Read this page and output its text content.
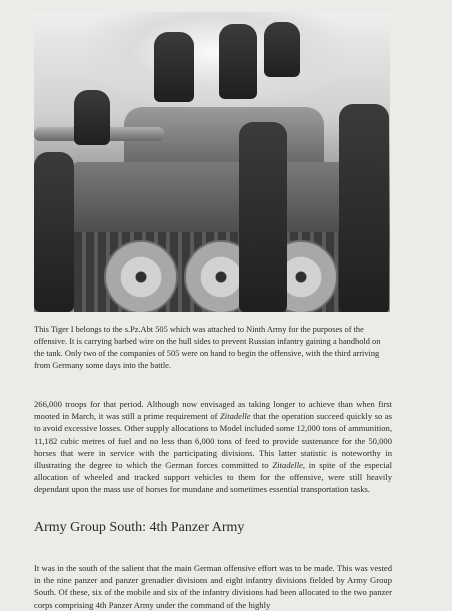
This Tiger I belongs to the s.Pz.Abt 505 which was attached to Ninth Army for the purposes of the offensive. It is carrying barbed wire on the hull sides to prevent Russian infantry gaining a handhold on the tank. Only two of the companies of 505 were on hand to begin the offensive, with the third arriving from Germany some days into the battle.

266,000 troops for that period. Although now envisaged as taking longer to achieve than when first mooted in March, it was still a prime requirement of Zitadelle that the operation succeed quickly so as to avoid excessive losses. Other supply allocations to Model included some 12,000 tons of ammunition, 11,182 cubic metres of fuel and no less than 6,000 tons of feed to provide sustenance for the 50,000 horses that were in service with the participating divisions. This latter statistic is noteworthy in illustrating the degree to which the German forces committed to Zitadelle, in spite of the especial allocation of wheeled and tracked support vehicles to them for the offensive, were still heavily dependant upon the mass use of horses for mundane and sometimes essential transportation tasks.

Army Group South: 4th Panzer Army

It was in the south of the salient that the main German offensive effort was to be made. This was vested in the nine panzer and panzer grenadier divisions and eight infantry divisions fielded by Army Group South. Of these, six of the mobile and six of the infantry divisions had been allocated to the two panzer corps comprising 4th Panzer Army under the command of the highly
